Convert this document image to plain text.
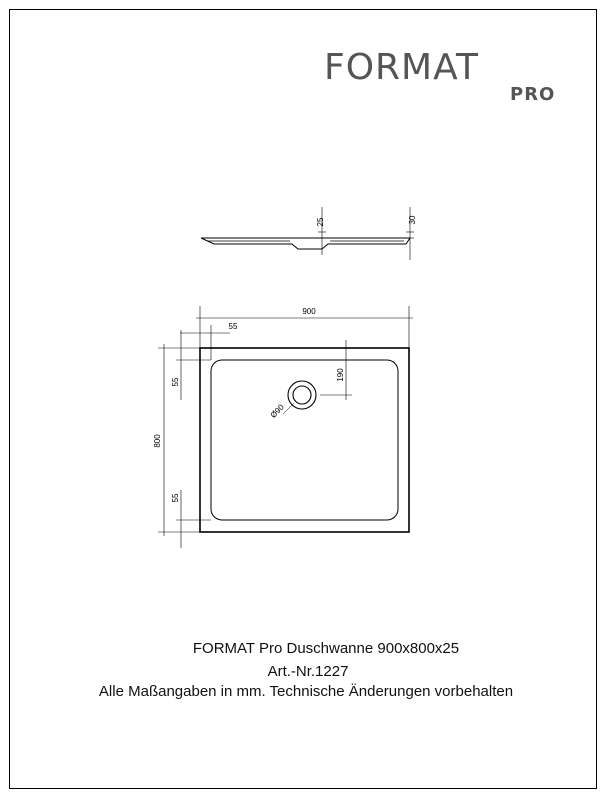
FORMAT
PRO
25	30
900
55
800
55
55
190
Ø90
FORMAT Pro Duschwanne 900x800x25
Art.-Nr.1227
Alle Maßangaben in mm. Technische Änderungen vorbehalten
